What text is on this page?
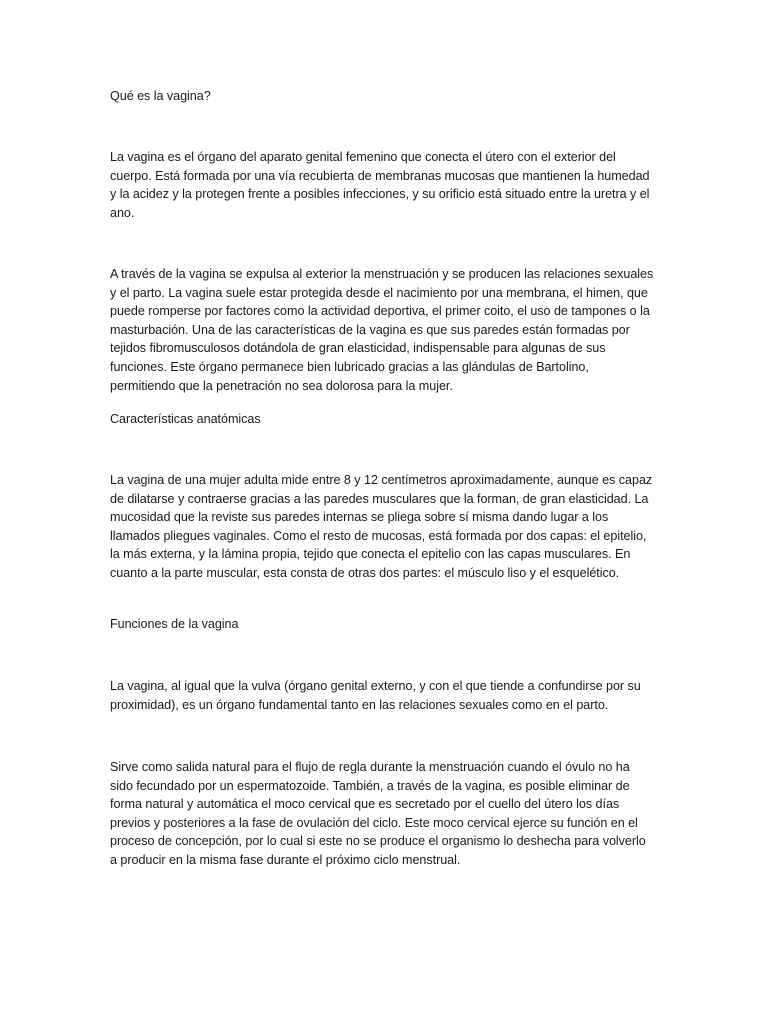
Qué es la vagina?

La vagina es el órgano del aparato genital femenino que conecta el útero con el exterior del cuerpo. Está formada por una vía recubierta de membranas mucosas que mantienen la humedad y la acidez y la protegen frente a posibles infecciones, y su orificio está situado entre la uretra y el ano.

A través de la vagina se expulsa al exterior la menstruación y se producen las relaciones sexuales y el parto. La vagina suele estar protegida desde el nacimiento por una membrana, el himen, que puede romperse por factores como la actividad deportiva, el primer coito, el uso de tampones o la masturbación. Una de las características de la vagina es que sus paredes están formadas por tejidos fibromusculosos dotándola de gran elasticidad, indispensable para algunas de sus funciones. Este órgano permanece bien lubricado gracias a las glándulas de Bartolino, permitiendo que la penetración no sea dolorosa para la mujer.

Características anatómicas

La vagina de una mujer adulta mide entre 8 y 12 centímetros aproximadamente, aunque es capaz de dilatarse y contraerse gracias a las paredes musculares que la forman, de gran elasticidad. La mucosidad que la reviste sus paredes internas se pliega sobre sí misma dando lugar a los llamados pliegues vaginales. Como el resto de mucosas, está formada por dos capas: el epitelio, la más externa, y la lámina propia, tejido que conecta el epitelio con las capas musculares. En cuanto a la parte muscular, esta consta de otras dos partes: el músculo liso y el esquelético.

Funciones de la vagina

La vagina, al igual que la vulva (órgano genital externo, y con el que tiende a confundirse por su proximidad), es un órgano fundamental tanto en las relaciones sexuales como en el parto.

Sirve como salida natural para el flujo de regla durante la menstruación cuando el óvulo no ha sido fecundado por un espermatozoide. También, a través de la vagina, es posible eliminar de forma natural y automática el moco cervical que es secretado por el cuello del útero los días previos y posteriores a la fase de ovulación del ciclo. Este moco cervical ejerce su función en el proceso de concepción, por lo cual si este no se produce el organismo lo deshecha para volverlo a producir en la misma fase durante el próximo ciclo menstrual.
